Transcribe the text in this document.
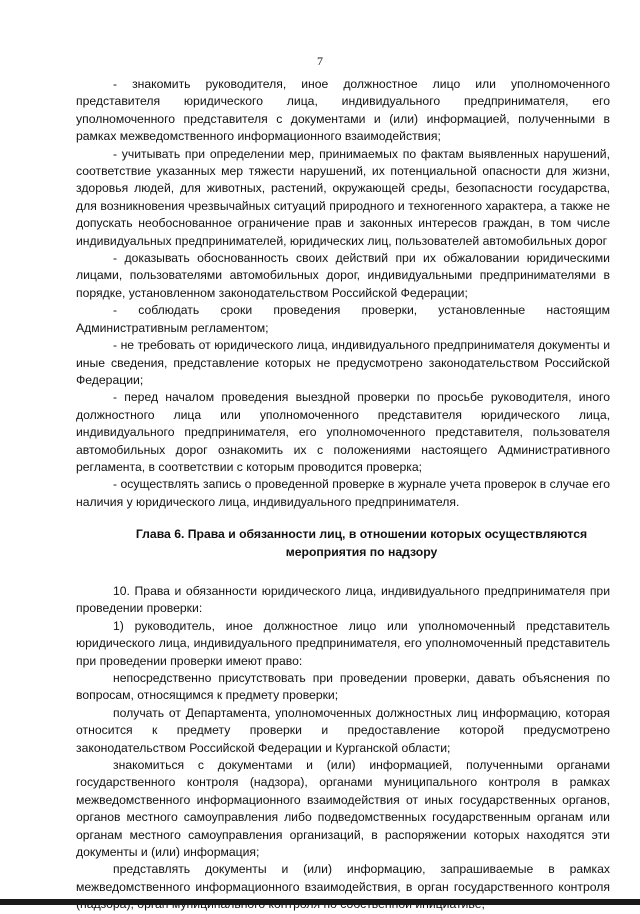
7

- знакомить руководителя, иное должностное лицо или уполномоченного представителя юридического лица, индивидуального предпринимателя, его уполномоченного представителя с документами и (или) информацией, полученными в рамках межведомственного информационного взаимодействия;

- учитывать при определении мер, принимаемых по фактам выявленных нарушений, соответствие указанных мер тяжести нарушений, их потенциальной опасности для жизни, здоровья людей, для животных, растений, окружающей среды, безопасности государства, для возникновения чрезвычайных ситуаций природного и техногенного характера, а также не допускать необоснованное ограничение прав и законных интересов граждан, в том числе индивидуальных предпринимателей, юридических лиц, пользователей автомобильных дорог

- доказывать обоснованность своих действий при их обжаловании юридическими лицами, пользователями автомобильных дорог, индивидуальными предпринимателями в порядке, установленном законодательством Российской Федерации;

- соблюдать сроки проведения проверки, установленные настоящим Административным регламентом;

- не требовать от юридического лица, индивидуального предпринимателя документы и иные сведения, представление которых не предусмотрено законодательством Российской Федерации;

- перед началом проведения выездной проверки по просьбе руководителя, иного должностного лица или уполномоченного представителя юридического лица, индивидуального предпринимателя, его уполномоченного представителя, пользователя автомобильных дорог ознакомить их с положениями настоящего Административного регламента, в соответствии с которым проводится проверка;

- осуществлять запись о проведенной проверке в журнале учета проверок в случае его наличия у юридического лица, индивидуального предпринимателя.

Глава 6. Права и обязанности лиц, в отношении которых осуществляются мероприятия по надзору

10. Права и обязанности юридического лица, индивидуального предпринимателя при проведении проверки:

1) руководитель, иное должностное лицо или уполномоченный представитель юридического лица, индивидуального предпринимателя, его уполномоченный представитель при проведении проверки имеют право:

непосредственно присутствовать при проведении проверки, давать объяснения по вопросам, относящимся к предмету проверки;

получать от Департамента, уполномоченных должностных лиц информацию, которая относится к предмету проверки и предоставление которой предусмотрено законодательством Российской Федерации и Курганской области;

знакомиться с документами и (или) информацией, полученными органами государственного контроля (надзора), органами муниципального контроля в рамках межведомственного информационного взаимодействия от иных государственных органов, органов местного самоуправления либо подведомственных государственным органам или органам местного самоуправления организаций, в распоряжении которых находятся эти документы и (или) информация;

представлять документы и (или) информацию, запрашиваемые в рамках межведомственного информационного взаимодействия, в орган государственного контроля
